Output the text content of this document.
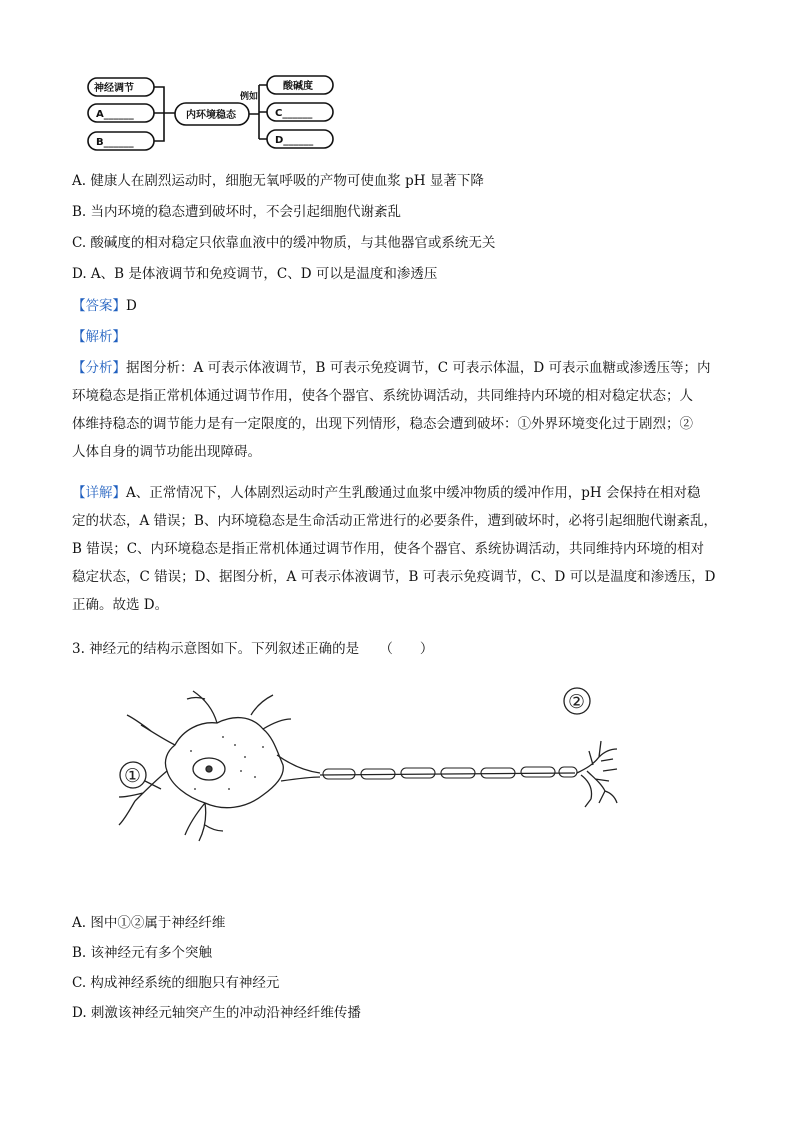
神经调节
A______
B______
内环境稳态
例如
酸碱度
C______
D______
A. 健康人在剧烈运动时，细胞无氧呼吸的产物可使血浆 pH 显著下降
B. 当内环境的稳态遭到破坏时，不会引起细胞代谢紊乱
C. 酸碱度的相对稳定只依靠血液中的缓冲物质，与其他器官或系统无关
D. A、B 是体液调节和免疫调节，C、D 可以是温度和渗透压
【答案】D
【解析】
【分析】据图分析：A 可表示体液调节，B 可表示免疫调节，C 可表示体温，D 可表示血糖或渗透压等；内
环境稳态是指正常机体通过调节作用，使各个器官、系统协调活动，共同维持内环境的相对稳定状态；人
体维持稳态的调节能力是有一定限度的，出现下列情形，稳态会遭到破坏：①外界环境变化过于剧烈；②
人体自身的调节功能出现障碍。
【详解】A、正常情况下，人体剧烈运动时产生乳酸通过血浆中缓冲物质的缓冲作用，pH 会保持在相对稳
定的状态，A 错误；B、内环境稳态是生命活动正常进行的必要条件，遭到破坏时，必将引起细胞代谢紊乱，
B 错误；C、内环境稳态是指正常机体通过调节作用，使各个器官、系统协调活动，共同维持内环境的相对
稳定状态，C 错误；D、据图分析，A 可表示体液调节，B 可表示免疫调节，C、D 可以是温度和渗透压，D
正确。故选 D。
3. 神经元的结构示意图如下。下列叙述正确的是　　（　　）
①
②
A. 图中①②属于神经纤维
B. 该神经元有多个突触
C. 构成神经系统的细胞只有神经元
D. 刺激该神经元轴突产生的冲动沿神经纤维传播
